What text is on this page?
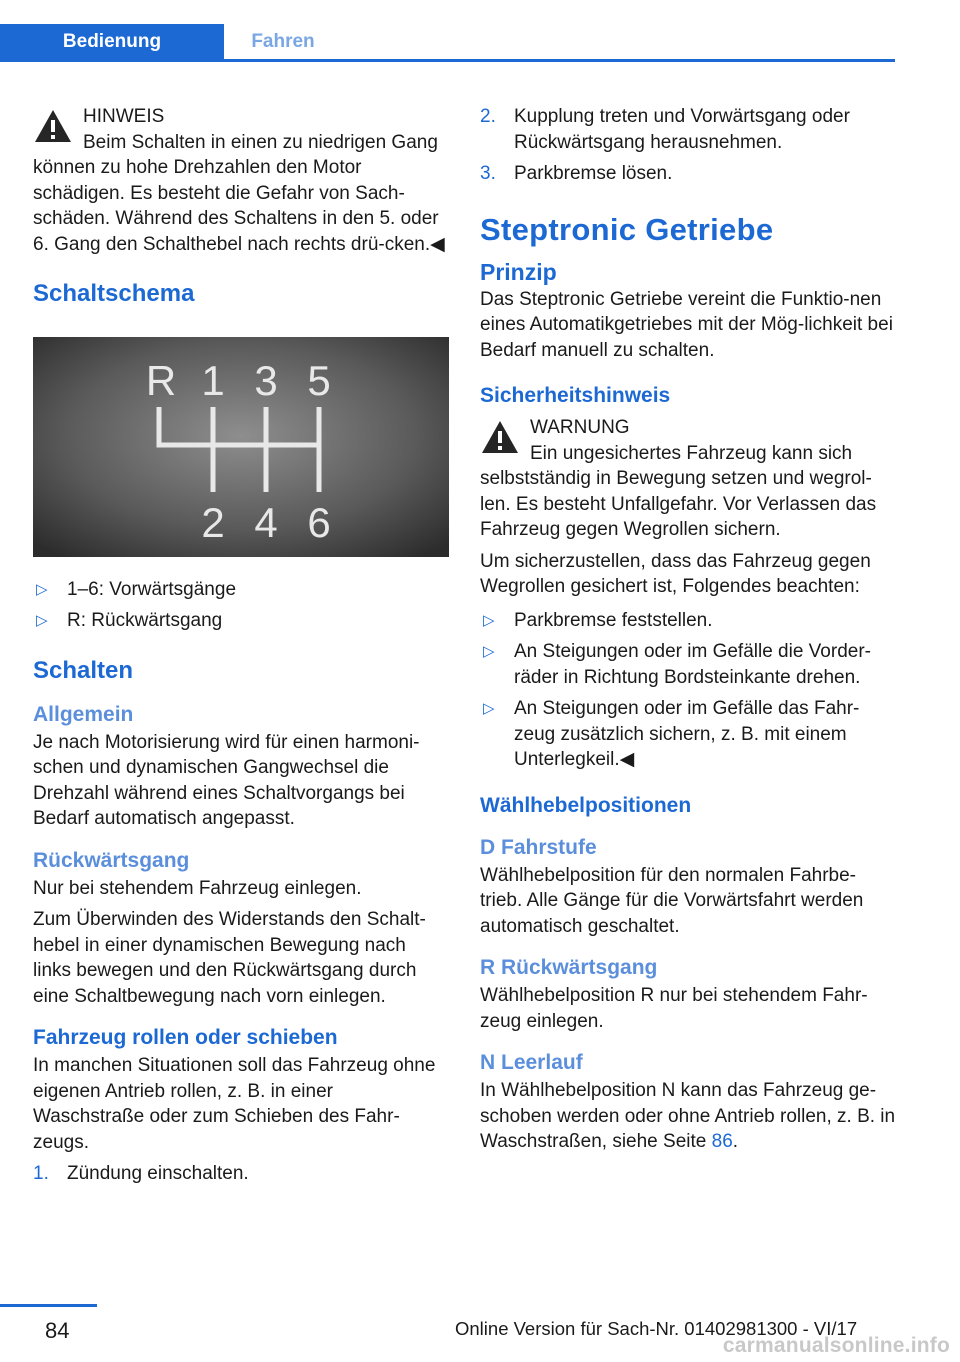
Bedienung	Fahren
HINWEIS

Beim Schalten in einen zu niedrigen Gang können zu hohe Drehzahlen den Motor schädigen. Es besteht die Gefahr von Sach‐schäden. Während des Schaltens in den 5. oder 6. Gang den Schalthebel nach rechts drü‐cken.◀

Schaltschema
R 1 3 5
2 4 6
▷ 1–6: Vorwärtsgänge
▷ R: Rückwärtsgang
Schalten
Allgemein

Je nach Motorisierung wird für einen harmoni‐schen und dynamischen Gangwechsel die Drehzahl während eines Schaltvorgangs bei Bedarf automatisch angepasst.

Rückwärtsgang

Nur bei stehendem Fahrzeug einlegen.

Zum Überwinden des Widerstands den Schalt‐hebel in einer dynamischen Bewegung nach links bewegen und den Rückwärtsgang durch eine Schaltbewegung nach vorn einlegen.

Fahrzeug rollen oder schieben

In manchen Situationen soll das Fahrzeug ohne eigenen Antrieb rollen, z. B. in einer Waschstraße oder zum Schieben des Fahr‐zeugs.

1. Zündung einschalten.
2. Kupplung treten und Vorwärtsgang oder Rückwärtsgang herausnehmen.
3. Parkbremse lösen.
Steptronic Getriebe
Prinzip

Das Steptronic Getriebe vereint die Funktio‐nen eines Automatikgetriebes mit der Mög‐lichkeit bei Bedarf manuell zu schalten.

Sicherheitshinweis
WARNUNG

Ein ungesichertes Fahrzeug kann sich selbstständig in Bewegung setzen und wegrol‐len. Es besteht Unfallgefahr. Vor Verlassen das Fahrzeug gegen Wegrollen sichern.

Um sicherzustellen, dass das Fahrzeug gegen Wegrollen gesichert ist, Folgendes beachten:

▷ Parkbremse feststellen.
▷ An Steigungen oder im Gefälle die Vorder‐räder in Richtung Bordsteinkante drehen.
▷ An Steigungen oder im Gefälle das Fahr‐zeug zusätzlich sichern, z. B. mit einem Unterlegkeil.◀
Wählhebelpositionen
D Fahrstufe

Wählhebelposition für den normalen Fahrbe‐trieb. Alle Gänge für die Vorwärtsfahrt werden automatisch geschaltet.

R Rückwärtsgang

Wählhebelposition R nur bei stehendem Fahr‐zeug einlegen.

N Leerlauf

In Wählhebelposition N kann das Fahrzeug ge‐schoben werden oder ohne Antrieb rollen, z. B. in Waschstraßen, siehe Seite 86.

84	Online Version für Sach-Nr. 01402981300 - VI/17
carmanualsonline.info
